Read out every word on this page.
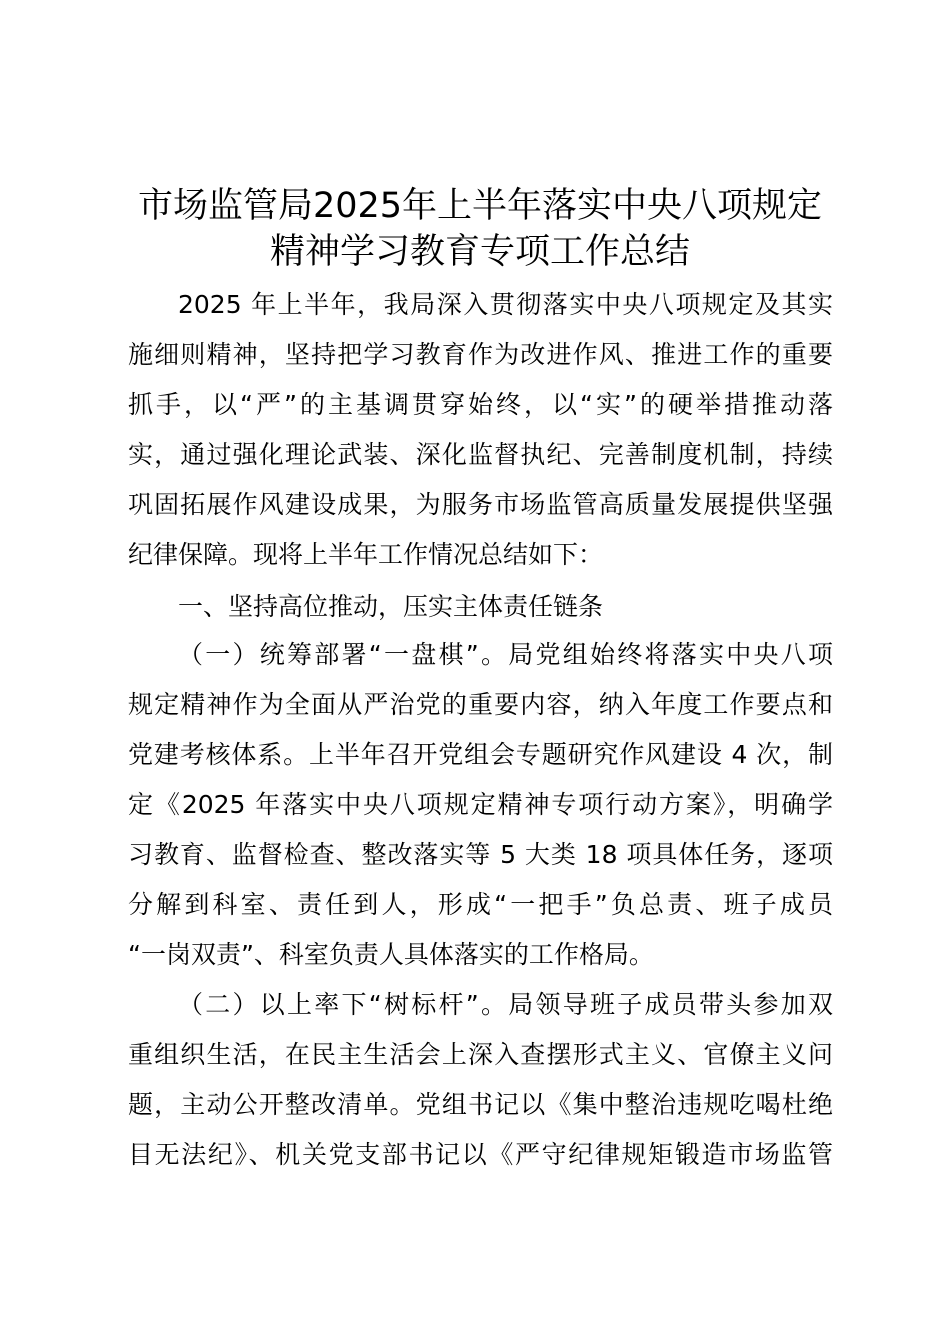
市场监管局2025年上半年落实中央八项规定
精神学习教育专项工作总结
2025 年上半年，我局深入贯彻落实中央八项规定及其实
施细则精神，坚持把学习教育作为改进作风、推进工作的重要
抓手，以“严”的主基调贯穿始终，以“实”的硬举措推动落
实，通过强化理论武装、深化监督执纪、完善制度机制，持续
巩固拓展作风建设成果，为服务市场监管高质量发展提供坚强
纪律保障。现将上半年工作情况总结如下：
一、坚持高位推动，压实主体责任链条
（一）统筹部署“一盘棋”。局党组始终将落实中央八项
规定精神作为全面从严治党的重要内容，纳入年度工作要点和
党建考核体系。上半年召开党组会专题研究作风建设 4 次，制
定《2025 年落实中央八项规定精神专项行动方案》，明确学
习教育、监督检查、整改落实等 5 大类 18 项具体任务，逐项
分解到科室、责任到人，形成“一把手”负总责、班子成员
“一岗双责”、科室负责人具体落实的工作格局。
（二）以上率下“树标杆”。局领导班子成员带头参加双
重组织生活，在民主生活会上深入查摆形式主义、官僚主义问
题，主动公开整改清单。党组书记以《集中整治违规吃喝杜绝
目无法纪》、机关党支部书记以《严守纪律规矩锻造市场监管
